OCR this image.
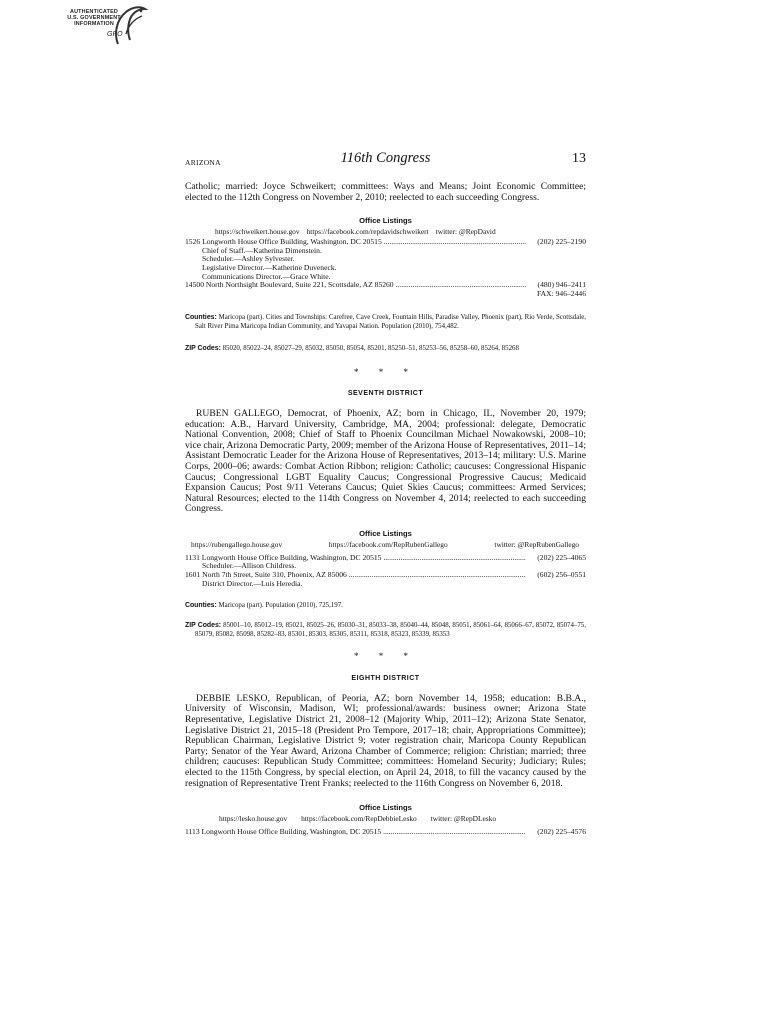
AUTHENTICATED
U.S. GOVERNMENT
INFORMATION
GPO
ARIZONA	116th Congress	13

Catholic; married: Joyce Schweikert; committees: Ways and Means; Joint Economic Committee; elected to the 112th Congress on November 2, 2010; reelected to each succeeding Congress.

Office Listings

https://schweikert.house.gov https://facebook.com/repdavidschweikert twitter: @RepDavid
1526 Longworth House Office Building, Washington, DC 20515 .....	(202) 225–2190
Chief of Staff.—Katherina Dimenstein.
Scheduler.—Ashley Sylvester.
Legislative Director.—Katherine Duveneck.
Communications Director.—Grace White.
14500 North Northsight Boulevard, Suite 221, Scottsdale, AZ 85260 .....	(480) 946–2411
FAX: 946–2446

Counties: Maricopa (part). Cities and Townships: Carefree, Cave Creek, Fountain Hills, Paradise Valley, Phoenix (part), Rio Verde, Scottsdale, Salt River Pima Maricopa Indian Community, and Yavapai Nation. Population (2010), 754,482.

ZIP Codes: 85020, 85022–24, 85027–29, 85032, 85050, 85054, 85201, 85250–51, 85253–56, 85258–60, 85264, 85268

* * *

SEVENTH DISTRICT

RUBEN GALLEGO, Democrat, of Phoenix, AZ; born in Chicago, IL, November 20, 1979; education: A.B., Harvard University, Cambridge, MA, 2004; professional: delegate, Democratic National Convention, 2008; Chief of Staff to Phoenix Councilman Michael Nowakowski, 2008–10; vice chair, Arizona Democratic Party, 2009; member of the Arizona House of Representatives, 2011–14; Assistant Democratic Leader for the Arizona House of Representatives, 2013–14; military: U.S. Marine Corps, 2000–06; awards: Combat Action Ribbon; religion: Catholic; caucuses: Congressional Hispanic Caucus; Congressional LGBT Equality Caucus; Congressional Progressive Caucus; Medicaid Expansion Caucus; Post 9/11 Veterans Caucus; Quiet Skies Caucus; committees: Armed Services; Natural Resources; elected to the 114th Congress on November 4, 2014; reelected to each succeeding Congress.

Office Listings

https://rubengallego.house.gov	https://facebook.com/RepRubenGallego	twitter: @RepRubenGallego
1131 Longworth House Office Building, Washington, DC 20515 .....	(202) 225–4065
Scheduler.—Allison Childress.
1601 North 7th Street, Suite 310, Phoenix, AZ 85006 .....	(602) 256–0551
District Director.—Luis Heredia.

Counties: Maricopa (part). Population (2010), 725,197.

ZIP Codes: 85001–10, 85012–19, 85021, 85025–26, 85030–31, 85033–38, 85040–44, 85048, 85051, 85061–64, 85066–67, 85072, 85074–75, 85079, 85082, 85098, 85282–83, 85301, 85303, 85305, 85311, 85318, 85323, 85339, 85353

* * *

EIGHTH DISTRICT

DEBBIE LESKO, Republican, of Peoria, AZ; born November 14, 1958; education: B.B.A., University of Wisconsin, Madison, WI; professional/awards: business owner; Arizona State Representative, Legislative District 21, 2008–12 (Majority Whip, 2011–12); Arizona State Senator, Legislative District 21, 2015–18 (President Pro Tempore, 2017–18; chair, Appropriations Committee); Republican Chairman, Legislative District 9; voter registration chair, Maricopa County Republican Party; Senator of the Year Award, Arizona Chamber of Commerce; religion: Christian; married; three children; caucuses: Republican Study Committee; committees: Homeland Security; Judiciary; Rules; elected to the 115th Congress, by special election, on April 24, 2018, to fill the vacancy caused by the resignation of Representative Trent Franks; reelected to the 116th Congress on November 6, 2018.

Office Listings

https://lesko.house.gov https://facebook.com/RepDebbieLesko twitter: @RepDLesko
1113 Longworth House Office Building, Washington, DC 20515 .....	(202) 225–4576
